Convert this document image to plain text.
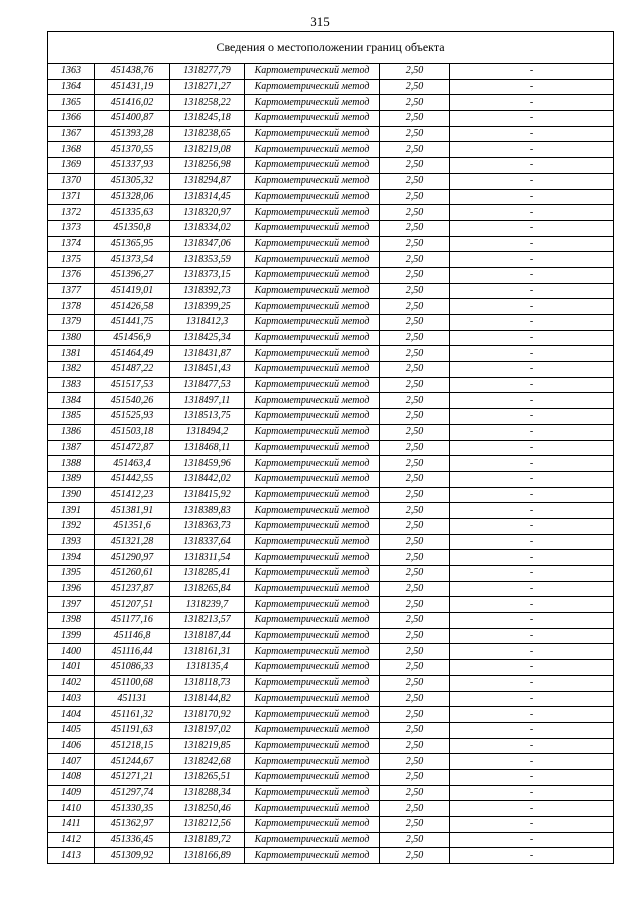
315
Сведения о местоположении границ объекта					
1363	451438,76	1318277,79	Картометрический метод	2,50	-
1364	451431,19	1318271,27	Картометрический метод	2,50	-
1365	451416,02	1318258,22	Картометрический метод	2,50	-
1366	451400,87	1318245,18	Картометрический метод	2,50	-
1367	451393,28	1318238,65	Картометрический метод	2,50	-
1368	451370,55	1318219,08	Картометрический метод	2,50	-
1369	451337,93	1318256,98	Картометрический метод	2,50	-
1370	451305,32	1318294,87	Картометрический метод	2,50	-
1371	451328,06	1318314,45	Картометрический метод	2,50	-
1372	451335,63	1318320,97	Картометрический метод	2,50	-
1373	451350,8	1318334,02	Картометрический метод	2,50	-
1374	451365,95	1318347,06	Картометрический метод	2,50	-
1375	451373,54	1318353,59	Картометрический метод	2,50	-
1376	451396,27	1318373,15	Картометрический метод	2,50	-
1377	451419,01	1318392,73	Картометрический метод	2,50	-
1378	451426,58	1318399,25	Картометрический метод	2,50	-
1379	451441,75	1318412,3	Картометрический метод	2,50	-
1380	451456,9	1318425,34	Картометрический метод	2,50	-
1381	451464,49	1318431,87	Картометрический метод	2,50	-
1382	451487,22	1318451,43	Картометрический метод	2,50	-
1383	451517,53	1318477,53	Картометрический метод	2,50	-
1384	451540,26	1318497,11	Картометрический метод	2,50	-
1385	451525,93	1318513,75	Картометрический метод	2,50	-
1386	451503,18	1318494,2	Картометрический метод	2,50	-
1387	451472,87	1318468,11	Картометрический метод	2,50	-
1388	451463,4	1318459,96	Картометрический метод	2,50	-
1389	451442,55	1318442,02	Картометрический метод	2,50	-
1390	451412,23	1318415,92	Картометрический метод	2,50	-
1391	451381,91	1318389,83	Картометрический метод	2,50	-
1392	451351,6	1318363,73	Картометрический метод	2,50	-
1393	451321,28	1318337,64	Картометрический метод	2,50	-
1394	451290,97	1318311,54	Картометрический метод	2,50	-
1395	451260,61	1318285,41	Картометрический метод	2,50	-
1396	451237,87	1318265,84	Картометрический метод	2,50	-
1397	451207,51	1318239,7	Картометрический метод	2,50	-
1398	451177,16	1318213,57	Картометрический метод	2,50	-
1399	451146,8	1318187,44	Картометрический метод	2,50	-
1400	451116,44	1318161,31	Картометрический метод	2,50	-
1401	451086,33	1318135,4	Картометрический метод	2,50	-
1402	451100,68	1318118,73	Картометрический метод	2,50	-
1403	451131	1318144,82	Картометрический метод	2,50	-
1404	451161,32	1318170,92	Картометрический метод	2,50	-
1405	451191,63	1318197,02	Картометрический метод	2,50	-
1406	451218,15	1318219,85	Картометрический метод	2,50	-
1407	451244,67	1318242,68	Картометрический метод	2,50	-
1408	451271,21	1318265,51	Картометрический метод	2,50	-
1409	451297,74	1318288,34	Картометрический метод	2,50	-
1410	451330,35	1318250,46	Картометрический метод	2,50	-
1411	451362,97	1318212,56	Картометрический метод	2,50	-
1412	451336,45	1318189,72	Картометрический метод	2,50	-
1413	451309,92	1318166,89	Картометрический метод	2,50	-
